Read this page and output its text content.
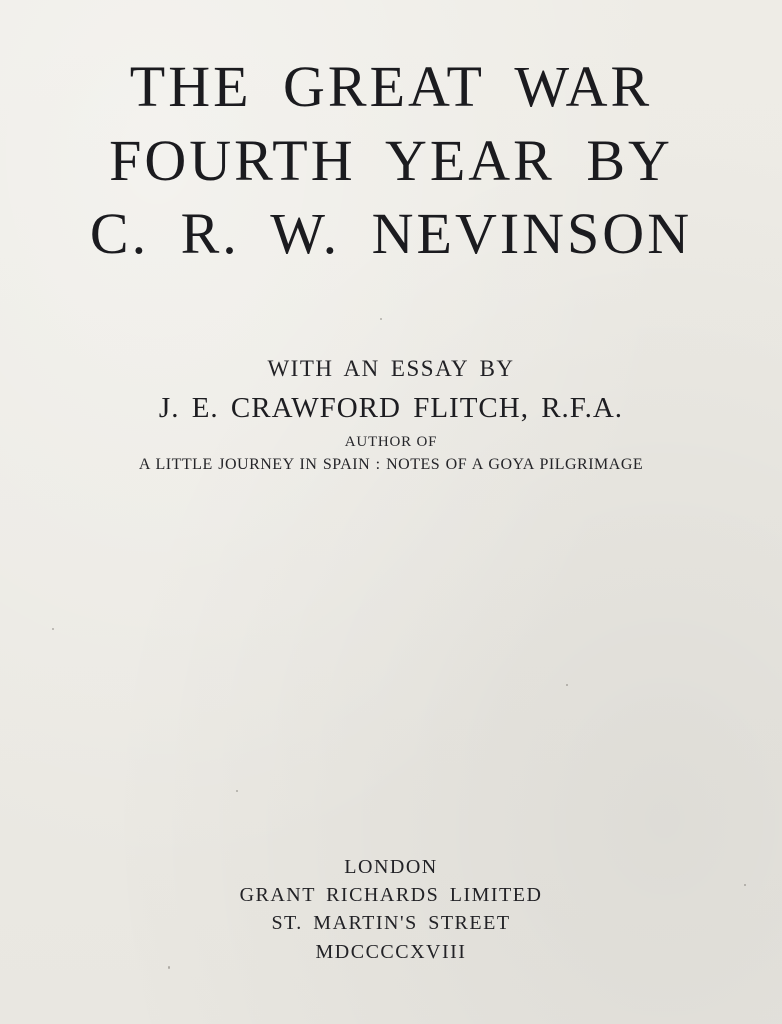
THE GREAT WAR
FOURTH YEAR BY
C. R. W. NEVINSON
WITH AN ESSAY BY
J. E. CRAWFORD FLITCH, R.F.A.
AUTHOR OF
A LITTLE JOURNEY IN SPAIN : NOTES OF A GOYA PILGRIMAGE
LONDON
GRANT RICHARDS LIMITED
ST. MARTIN'S STREET
MDCCCCXVIII
